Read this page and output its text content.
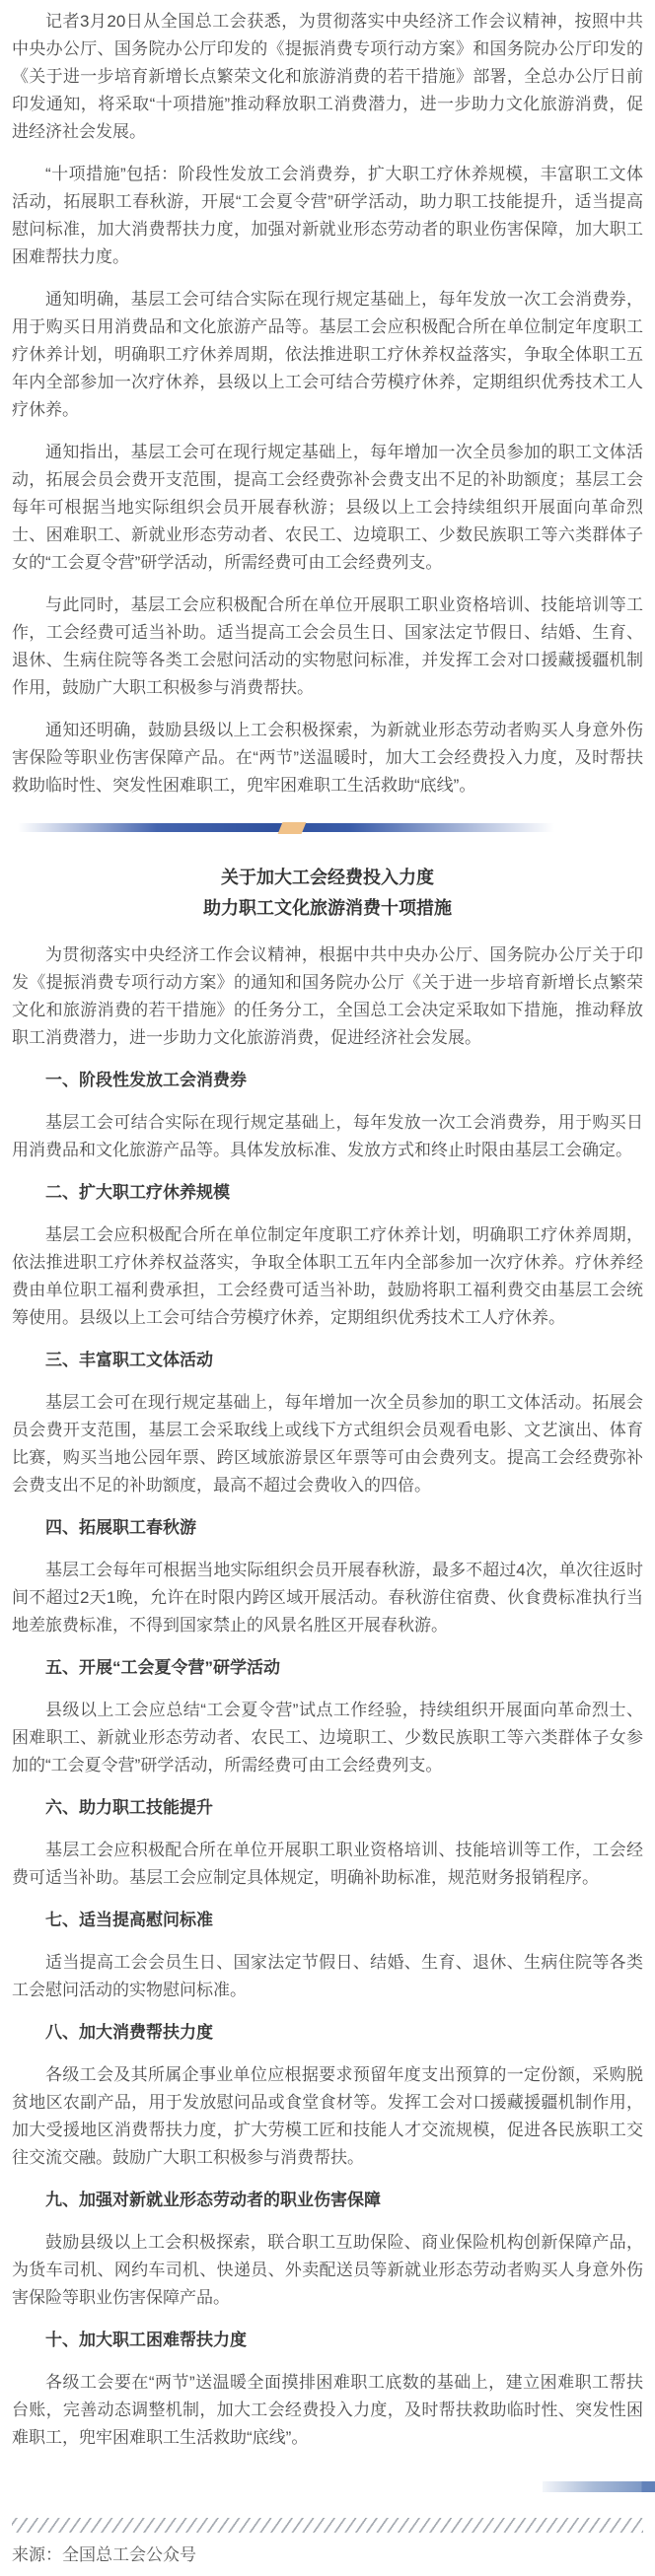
记者3月20日从全国总工会获悉，为贯彻落实中央经济工作会议精神，按照中共中央办公厅、国务院办公厅印发的《提振消费专项行动方案》和国务院办公厅印发的《关于进一步培育新增长点繁荣文化和旅游消费的若干措施》部署，全总办公厅日前印发通知，将采取“十项措施”推动释放职工消费潜力，进一步助力文化旅游消费，促进经济社会发展。

“十项措施”包括：阶段性发放工会消费券，扩大职工疗休养规模，丰富职工文体活动，拓展职工春秋游，开展“工会夏令营”研学活动，助力职工技能提升，适当提高慰问标准，加大消费帮扶力度，加强对新就业形态劳动者的职业伤害保障，加大职工困难帮扶力度。

通知明确，基层工会可结合实际在现行规定基础上，每年发放一次工会消费券，用于购买日用消费品和文化旅游产品等。基层工会应积极配合所在单位制定年度职工疗休养计划，明确职工疗休养周期，依法推进职工疗休养权益落实，争取全体职工五年内全部参加一次疗休养，县级以上工会可结合劳模疗休养，定期组织优秀技术工人疗休养。

通知指出，基层工会可在现行规定基础上，每年增加一次全员参加的职工文体活动，拓展会员会费开支范围，提高工会经费弥补会费支出不足的补助额度；基层工会每年可根据当地实际组织会员开展春秋游；县级以上工会持续组织开展面向革命烈士、困难职工、新就业形态劳动者、农民工、边境职工、少数民族职工等六类群体子女的“工会夏令营”研学活动，所需经费可由工会经费列支。

与此同时，基层工会应积极配合所在单位开展职工职业资格培训、技能培训等工作，工会经费可适当补助。适当提高工会会员生日、国家法定节假日、结婚、生育、退休、生病住院等各类工会慰问活动的实物慰问标准，并发挥工会对口援藏援疆机制作用，鼓励广大职工积极参与消费帮扶。

通知还明确，鼓励县级以上工会积极探索，为新就业形态劳动者购买人身意外伤害保险等职业伤害保障产品。在“两节”送温暖时，加大工会经费投入力度，及时帮扶救助临时性、突发性困难职工，兜牢困难职工生活救助“底线”。

关于加大工会经费投入力度
助力职工文化旅游消费十项措施

为贯彻落实中央经济工作会议精神，根据中共中央办公厅、国务院办公厅关于印发《提振消费专项行动方案》的通知和国务院办公厅《关于进一步培育新增长点繁荣文化和旅游消费的若干措施》的任务分工，全国总工会决定采取如下措施，推动释放职工消费潜力，进一步助力文化旅游消费，促进经济社会发展。

一、阶段性发放工会消费券

基层工会可结合实际在现行规定基础上，每年发放一次工会消费券，用于购买日用消费品和文化旅游产品等。具体发放标准、发放方式和终止时限由基层工会确定。

二、扩大职工疗休养规模

基层工会应积极配合所在单位制定年度职工疗休养计划，明确职工疗休养周期，依法推进职工疗休养权益落实，争取全体职工五年内全部参加一次疗休养。疗休养经费由单位职工福利费承担，工会经费可适当补助，鼓励将职工福利费交由基层工会统筹使用。县级以上工会可结合劳模疗休养，定期组织优秀技术工人疗休养。

三、丰富职工文体活动

基层工会可在现行规定基础上，每年增加一次全员参加的职工文体活动。拓展会员会费开支范围，基层工会采取线上或线下方式组织会员观看电影、文艺演出、体育比赛，购买当地公园年票、跨区域旅游景区年票等可由会费列支。提高工会经费弥补会费支出不足的补助额度，最高不超过会费收入的四倍。

四、拓展职工春秋游

基层工会每年可根据当地实际组织会员开展春秋游，最多不超过4次，单次往返时间不超过2天1晚，允许在时限内跨区域开展活动。春秋游住宿费、伙食费标准执行当地差旅费标准，不得到国家禁止的风景名胜区开展春秋游。

五、开展“工会夏令营”研学活动

县级以上工会应总结“工会夏令营”试点工作经验，持续组织开展面向革命烈士、困难职工、新就业形态劳动者、农民工、边境职工、少数民族职工等六类群体子女参加的“工会夏令营”研学活动，所需经费可由工会经费列支。

六、助力职工技能提升

基层工会应积极配合所在单位开展职工职业资格培训、技能培训等工作，工会经费可适当补助。基层工会应制定具体规定，明确补助标准，规范财务报销程序。

七、适当提高慰问标准

适当提高工会会员生日、国家法定节假日、结婚、生育、退休、生病住院等各类工会慰问活动的实物慰问标准。

八、加大消费帮扶力度

各级工会及其所属企事业单位应根据要求预留年度支出预算的一定份额，采购脱贫地区农副产品，用于发放慰问品或食堂食材等。发挥工会对口援藏援疆机制作用，加大受援地区消费帮扶力度，扩大劳模工匠和技能人才交流规模，促进各民族职工交往交流交融。鼓励广大职工积极参与消费帮扶。

九、加强对新就业形态劳动者的职业伤害保障

鼓励县级以上工会积极探索，联合职工互助保险、商业保险机构创新保障产品，为货车司机、网约车司机、快递员、外卖配送员等新就业形态劳动者购买人身意外伤害保险等职业伤害保障产品。

十、加大职工困难帮扶力度

各级工会要在“两节”送温暖全面摸排困难职工底数的基础上，建立困难职工帮扶台账，完善动态调整机制，加大工会经费投入力度，及时帮扶救助临时性、突发性困难职工，兜牢困难职工生活救助“底线”。

来源：全国总工会公众号
